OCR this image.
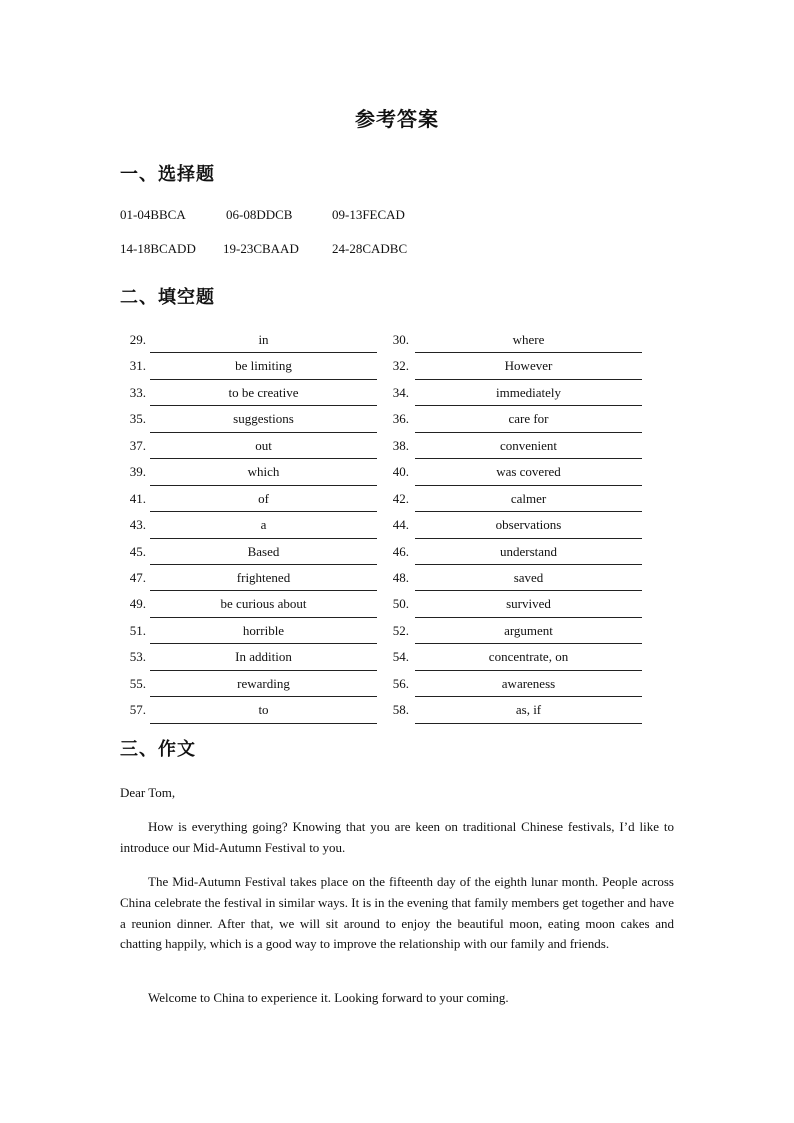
参考答案
一、选择题
01-04BBCA	06-08DDCB	09-13FECAD
14-18BCADD 19-23CBAAD	24-28CADBC
二、填空题
29.	in	30.	where
31.	be limiting	32.	However
33.	to be creative	34.	immediately
35.	suggestions	36.	care for
37.	out	38.	convenient
39.	which	40.	was covered
41.	of	42.	calmer
43.	a	44.	observations
45.	Based	46.	understand
47.	frightened	48.	saved
49.	be curious about	50.	survived
51.	horrible	52.	argument
53.	In addition	54.	concentrate, on
55.	rewarding	56.	awareness
57.	to	58.	as, if
三、作文
Dear Tom,

How is everything going? Knowing that you are keen on traditional Chinese festivals, I’d like to introduce our Mid-Autumn Festival to you.

The Mid-Autumn Festival takes place on the fifteenth day of the eighth lunar month. People across China celebrate the festival in similar ways. It is in the evening that family members get together and have a reunion dinner. After that, we will sit around to enjoy the beautiful moon, eating moon cakes and chatting happily, which is a good way to improve the relationship with our family and friends.

Welcome to China to experience it. Looking forward to your coming.
